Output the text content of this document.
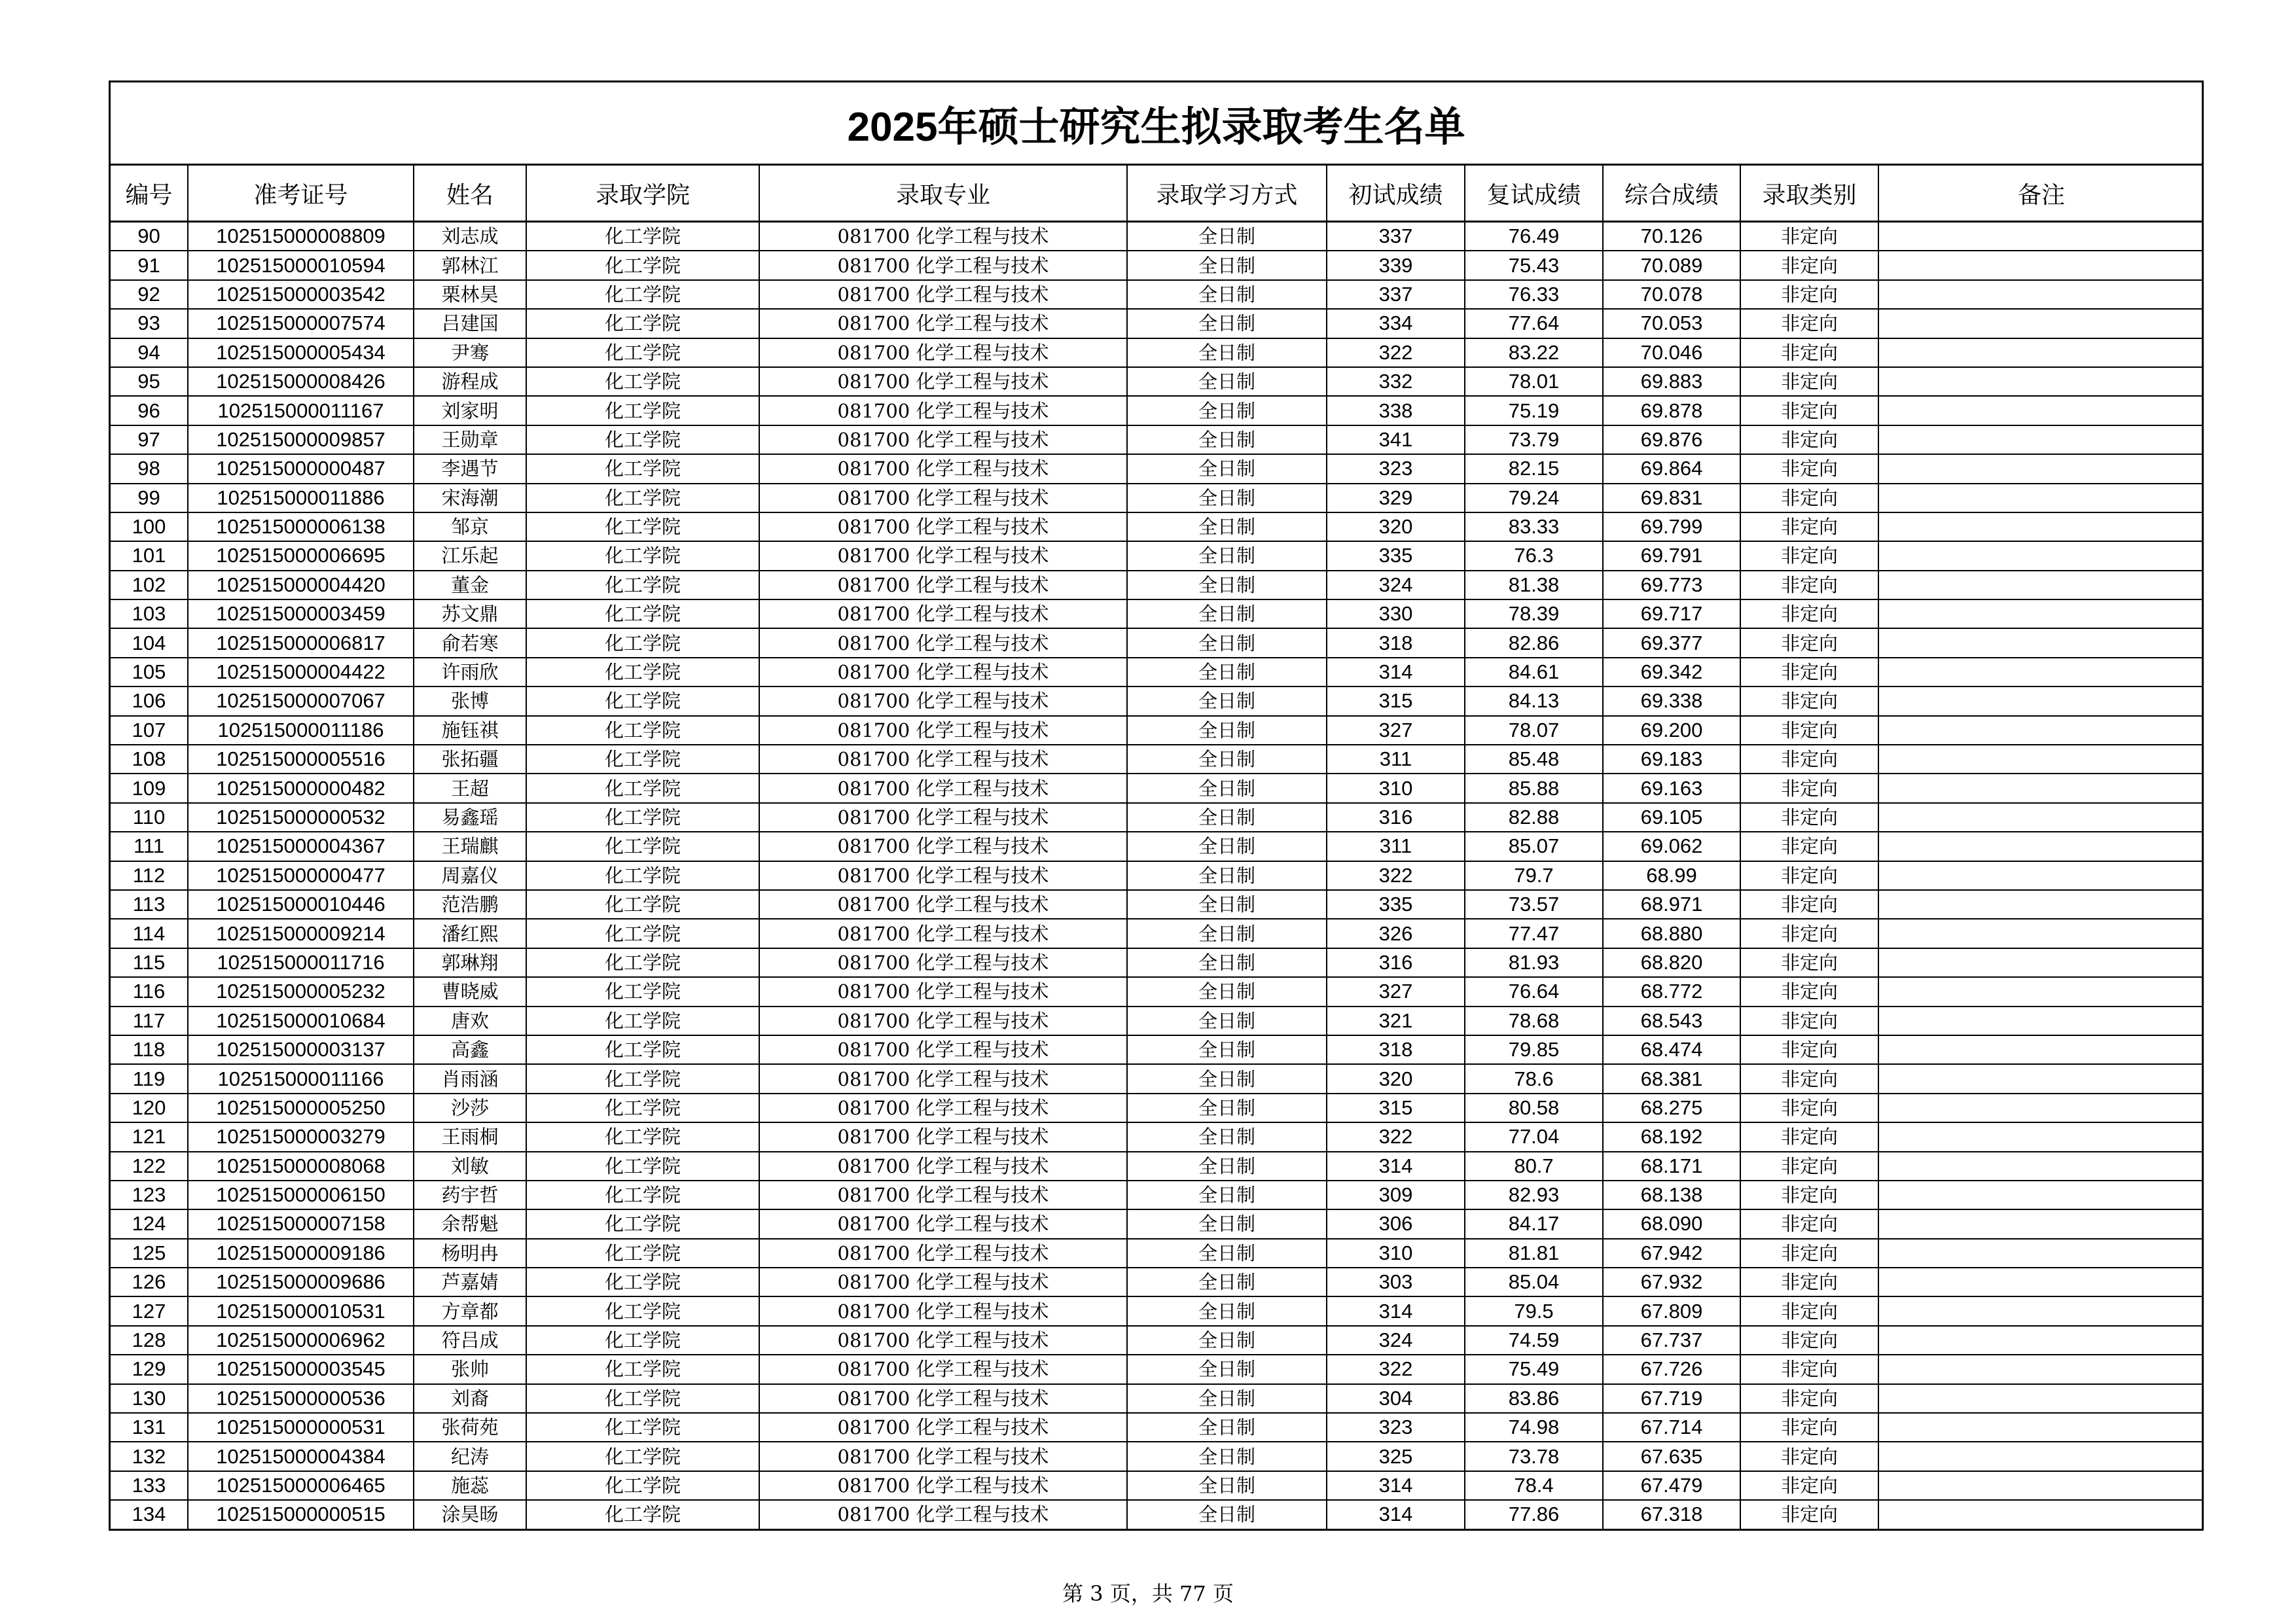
2025年硕士研究生拟录取考生名单
编号	准考证号	姓名	录取学院	录取专业	录取学习方式	初试成绩	复试成绩	综合成绩	录取类别	备注
90	102515000008809	刘志成	化工学院	081700 化学工程与技术	全日制	337	76.49	70.126	非定向	
91	102515000010594	郭林江	化工学院	081700 化学工程与技术	全日制	339	75.43	70.089	非定向	
92	102515000003542	栗林昊	化工学院	081700 化学工程与技术	全日制	337	76.33	70.078	非定向	
93	102515000007574	吕建国	化工学院	081700 化学工程与技术	全日制	334	77.64	70.053	非定向	
94	102515000005434	尹骞	化工学院	081700 化学工程与技术	全日制	322	83.22	70.046	非定向	
95	102515000008426	游程成	化工学院	081700 化学工程与技术	全日制	332	78.01	69.883	非定向	
96	102515000011167	刘家明	化工学院	081700 化学工程与技术	全日制	338	75.19	69.878	非定向	
97	102515000009857	王勋章	化工学院	081700 化学工程与技术	全日制	341	73.79	69.876	非定向	
98	102515000000487	李遇节	化工学院	081700 化学工程与技术	全日制	323	82.15	69.864	非定向	
99	102515000011886	宋海潮	化工学院	081700 化学工程与技术	全日制	329	79.24	69.831	非定向	
100	102515000006138	邹京	化工学院	081700 化学工程与技术	全日制	320	83.33	69.799	非定向	
101	102515000006695	江乐起	化工学院	081700 化学工程与技术	全日制	335	76.3	69.791	非定向	
102	102515000004420	董金	化工学院	081700 化学工程与技术	全日制	324	81.38	69.773	非定向	
103	102515000003459	苏文鼎	化工学院	081700 化学工程与技术	全日制	330	78.39	69.717	非定向	
104	102515000006817	俞若寒	化工学院	081700 化学工程与技术	全日制	318	82.86	69.377	非定向	
105	102515000004422	许雨欣	化工学院	081700 化学工程与技术	全日制	314	84.61	69.342	非定向	
106	102515000007067	张博	化工学院	081700 化学工程与技术	全日制	315	84.13	69.338	非定向	
107	102515000011186	施钰祺	化工学院	081700 化学工程与技术	全日制	327	78.07	69.200	非定向	
108	102515000005516	张拓疆	化工学院	081700 化学工程与技术	全日制	311	85.48	69.183	非定向	
109	102515000000482	王超	化工学院	081700 化学工程与技术	全日制	310	85.88	69.163	非定向	
110	102515000000532	易鑫瑶	化工学院	081700 化学工程与技术	全日制	316	82.88	69.105	非定向	
111	102515000004367	王瑞麒	化工学院	081700 化学工程与技术	全日制	311	85.07	69.062	非定向	
112	102515000000477	周嘉仪	化工学院	081700 化学工程与技术	全日制	322	79.7	68.99	非定向	
113	102515000010446	范浩鹏	化工学院	081700 化学工程与技术	全日制	335	73.57	68.971	非定向	
114	102515000009214	潘红熙	化工学院	081700 化学工程与技术	全日制	326	77.47	68.880	非定向	
115	102515000011716	郭琳翔	化工学院	081700 化学工程与技术	全日制	316	81.93	68.820	非定向	
116	102515000005232	曹晓威	化工学院	081700 化学工程与技术	全日制	327	76.64	68.772	非定向	
117	102515000010684	唐欢	化工学院	081700 化学工程与技术	全日制	321	78.68	68.543	非定向	
118	102515000003137	高鑫	化工学院	081700 化学工程与技术	全日制	318	79.85	68.474	非定向	
119	102515000011166	肖雨涵	化工学院	081700 化学工程与技术	全日制	320	78.6	68.381	非定向	
120	102515000005250	沙莎	化工学院	081700 化学工程与技术	全日制	315	80.58	68.275	非定向	
121	102515000003279	王雨桐	化工学院	081700 化学工程与技术	全日制	322	77.04	68.192	非定向	
122	102515000008068	刘敏	化工学院	081700 化学工程与技术	全日制	314	80.7	68.171	非定向	
123	102515000006150	药宇哲	化工学院	081700 化学工程与技术	全日制	309	82.93	68.138	非定向	
124	102515000007158	余帮魁	化工学院	081700 化学工程与技术	全日制	306	84.17	68.090	非定向	
125	102515000009186	杨明冉	化工学院	081700 化学工程与技术	全日制	310	81.81	67.942	非定向	
126	102515000009686	芦嘉婧	化工学院	081700 化学工程与技术	全日制	303	85.04	67.932	非定向	
127	102515000010531	方章都	化工学院	081700 化学工程与技术	全日制	314	79.5	67.809	非定向	
128	102515000006962	符吕成	化工学院	081700 化学工程与技术	全日制	324	74.59	67.737	非定向	
129	102515000003545	张帅	化工学院	081700 化学工程与技术	全日制	322	75.49	67.726	非定向	
130	102515000000536	刘裔	化工学院	081700 化学工程与技术	全日制	304	83.86	67.719	非定向	
131	102515000000531	张荷苑	化工学院	081700 化学工程与技术	全日制	323	74.98	67.714	非定向	
132	102515000004384	纪涛	化工学院	081700 化学工程与技术	全日制	325	73.78	67.635	非定向	
133	102515000006465	施蕊	化工学院	081700 化学工程与技术	全日制	314	78.4	67.479	非定向	
134	102515000000515	涂昊旸	化工学院	081700 化学工程与技术	全日制	314	77.86	67.318	非定向	
第 3 页，共 77 页
